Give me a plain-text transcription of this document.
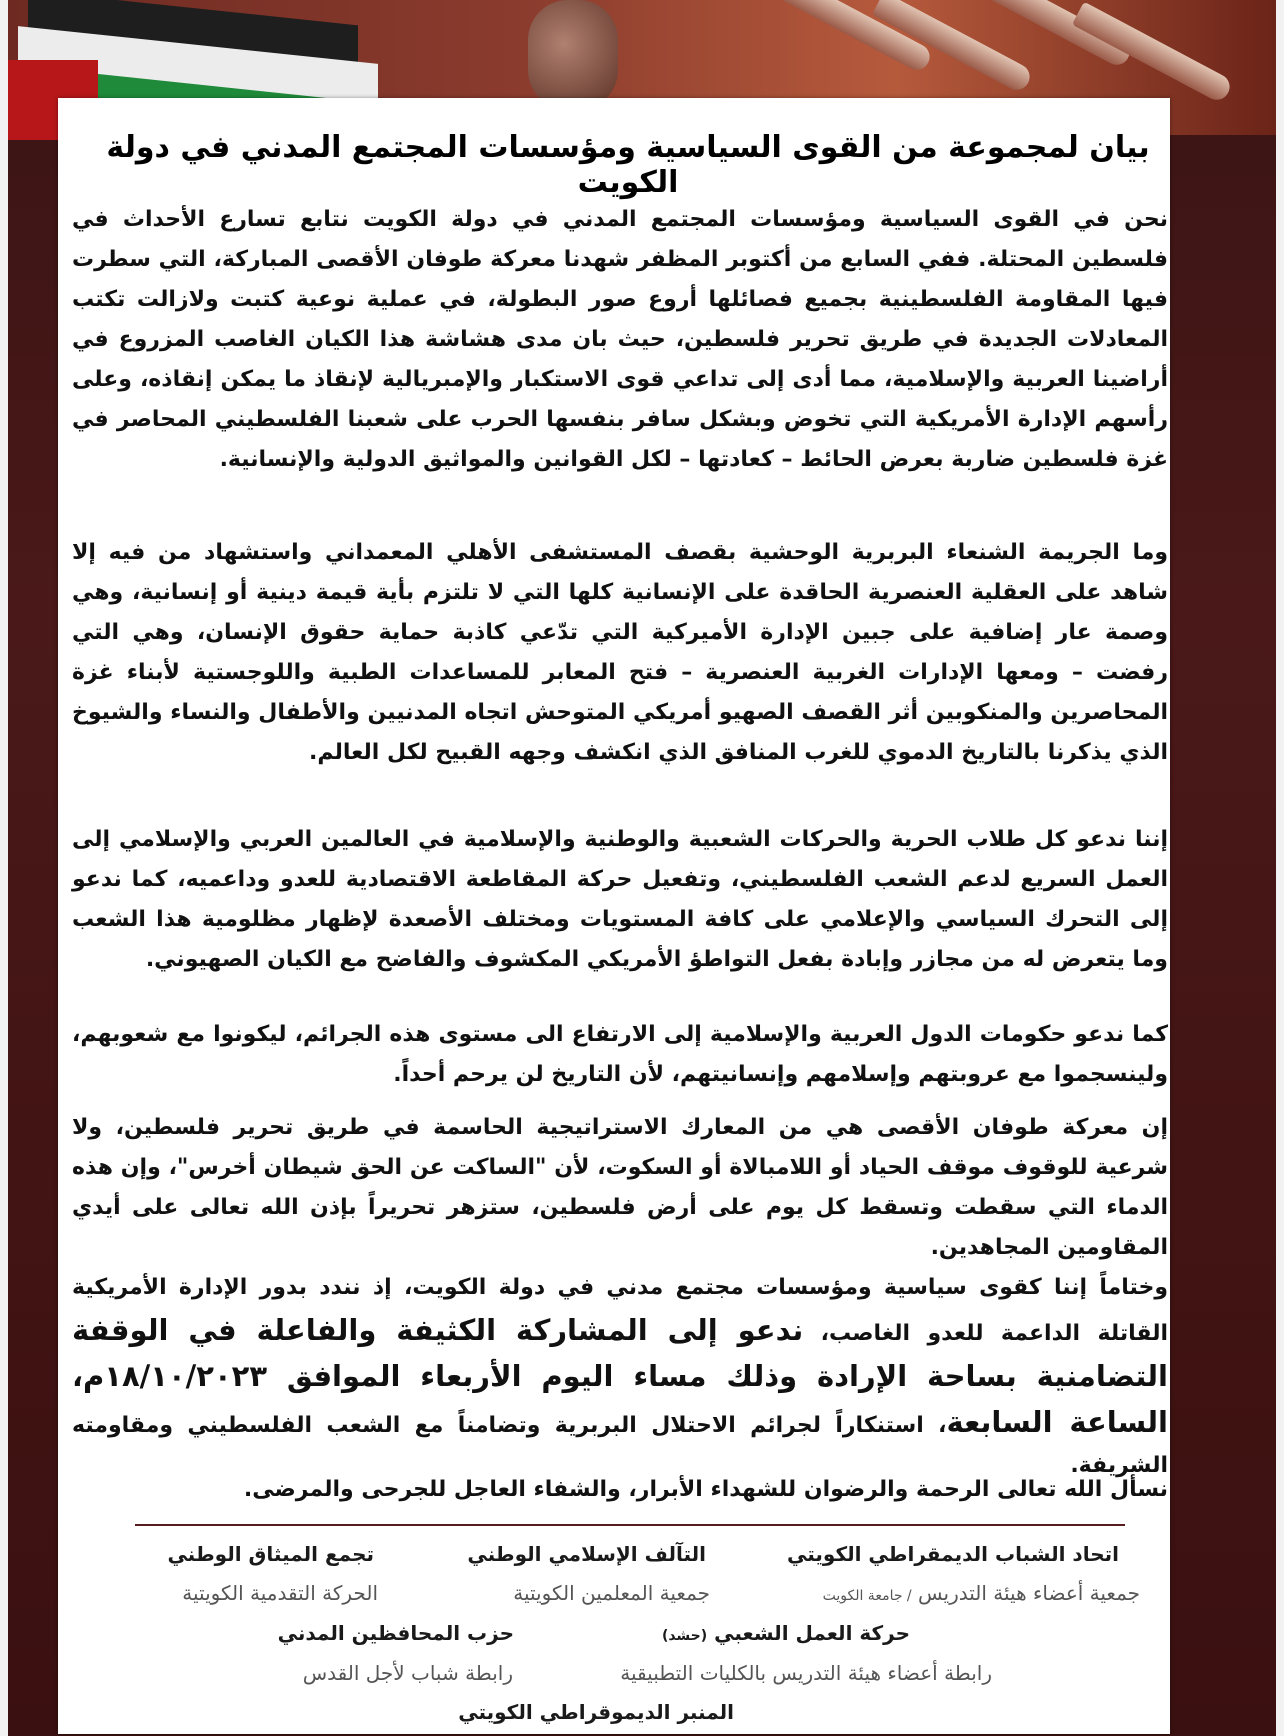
بيان لمجموعة من القوى السياسية ومؤسسات المجتمع المدني في دولة الكويت
نحن في القوى السياسية ومؤسسات المجتمع المدني في دولة الكويت نتابع تسارع الأحداث في فلسطين المحتلة. ففي السابع من أكتوبر المظفر شهدنا معركة طوفان الأقصى المباركة، التي سطرت فيها المقاومة الفلسطينية بجميع فصائلها أروع صور البطولة، في عملية نوعية كتبت ولازالت تكتب المعادلات الجديدة في طريق تحرير فلسطين، حيث بان مدى هشاشة هذا الكيان الغاصب المزروع في أراضينا العربية والإسلامية، مما أدى إلى تداعي قوى الاستكبار والإمبريالية لإنقاذ ما يمكن إنقاذه، وعلى رأسهم الإدارة الأمريكية التي تخوض وبشكل سافر بنفسها الحرب على شعبنا الفلسطيني المحاصر في غزة فلسطين ضاربة بعرض الحائط – كعادتها – لكل القوانين والمواثيق الدولية والإنسانية.
وما الجريمة الشنعاء البربرية الوحشية بقصف المستشفى الأهلي المعمداني واستشهاد من فيه إلا شاهد على العقلية العنصرية الحاقدة على الإنسانية كلها التي لا تلتزم بأية قيمة دينية أو إنسانية، وهي وصمة عار إضافية على جبين الإدارة الأميركية التي تدّعي كاذبة حماية حقوق الإنسان، وهي التي رفضت – ومعها الإدارات الغربية العنصرية – فتح المعابر للمساعدات الطبية واللوجستية لأبناء غزة المحاصرين والمنكوبين أثر القصف الصهيو أمريكي المتوحش اتجاه المدنيين والأطفال والنساء والشيوخ الذي يذكرنا بالتاريخ الدموي للغرب المنافق الذي انكشف وجهه القبيح لكل العالم.
إننا ندعو كل طلاب الحرية والحركات الشعبية والوطنية والإسلامية في العالمين العربي والإسلامي إلى العمل السريع لدعم الشعب الفلسطيني، وتفعيل حركة المقاطعة الاقتصادية للعدو وداعميه، كما ندعو إلى التحرك السياسي والإعلامي على كافة المستويات ومختلف الأصعدة لإظهار مظلومية هذا الشعب وما يتعرض له من مجازر وإبادة بفعل التواطؤ الأمريكي المكشوف والفاضح مع الكيان الصهيوني.
كما ندعو حكومات الدول العربية والإسلامية إلى الارتفاع الى مستوى هذه الجرائم، ليكونوا مع شعوبهم، ولينسجموا مع عروبتهم وإسلامهم وإنسانيتهم، لأن التاريخ لن يرحم أحداً.
إن معركة طوفان الأقصى هي من المعارك الاستراتيجية الحاسمة في طريق تحرير فلسطين، ولا شرعية للوقوف موقف الحياد أو اللامبالاة أو السكوت، لأن "الساكت عن الحق شيطان أخرس"، وإن هذه الدماء التي سقطت وتسقط كل يوم على أرض فلسطين، ستزهر تحريراً بإذن الله تعالى على أيدي المقاومين المجاهدين.
وختاماً إننا كقوى سياسية ومؤسسات مجتمع مدني في دولة الكويت، إذ نندد بدور الإدارة الأمريكية القاتلة الداعمة للعدو الغاصب، ندعو إلى المشاركة الكثيفة والفاعلة في الوقفة التضامنية بساحة الإرادة وذلك مساء اليوم الأربعاء الموافق ١٨/١٠/٢٠٢٣م، الساعة السابعة، استنكاراً لجرائم الاحتلال البربرية وتضامناً مع الشعب الفلسطيني ومقاومته الشريفة.
نسأل الله تعالى الرحمة والرضوان للشهداء الأبرار، والشفاء العاجل للجرحى والمرضى.
اتحاد الشباب الديمقراطي الكويتي
التآلف الإسلامي الوطني
تجمع الميثاق الوطني
جمعية أعضاء هيئة التدريس / جامعة الكويت
جمعية المعلمين الكويتية
الحركة التقدمية الكويتية
حركة العمل الشعبي (حشد)
حزب المحافظين المدني
رابطة أعضاء هيئة التدريس بالكليات التطبيقية
رابطة شباب لأجل القدس
المنبر الديموقراطي الكويتي
